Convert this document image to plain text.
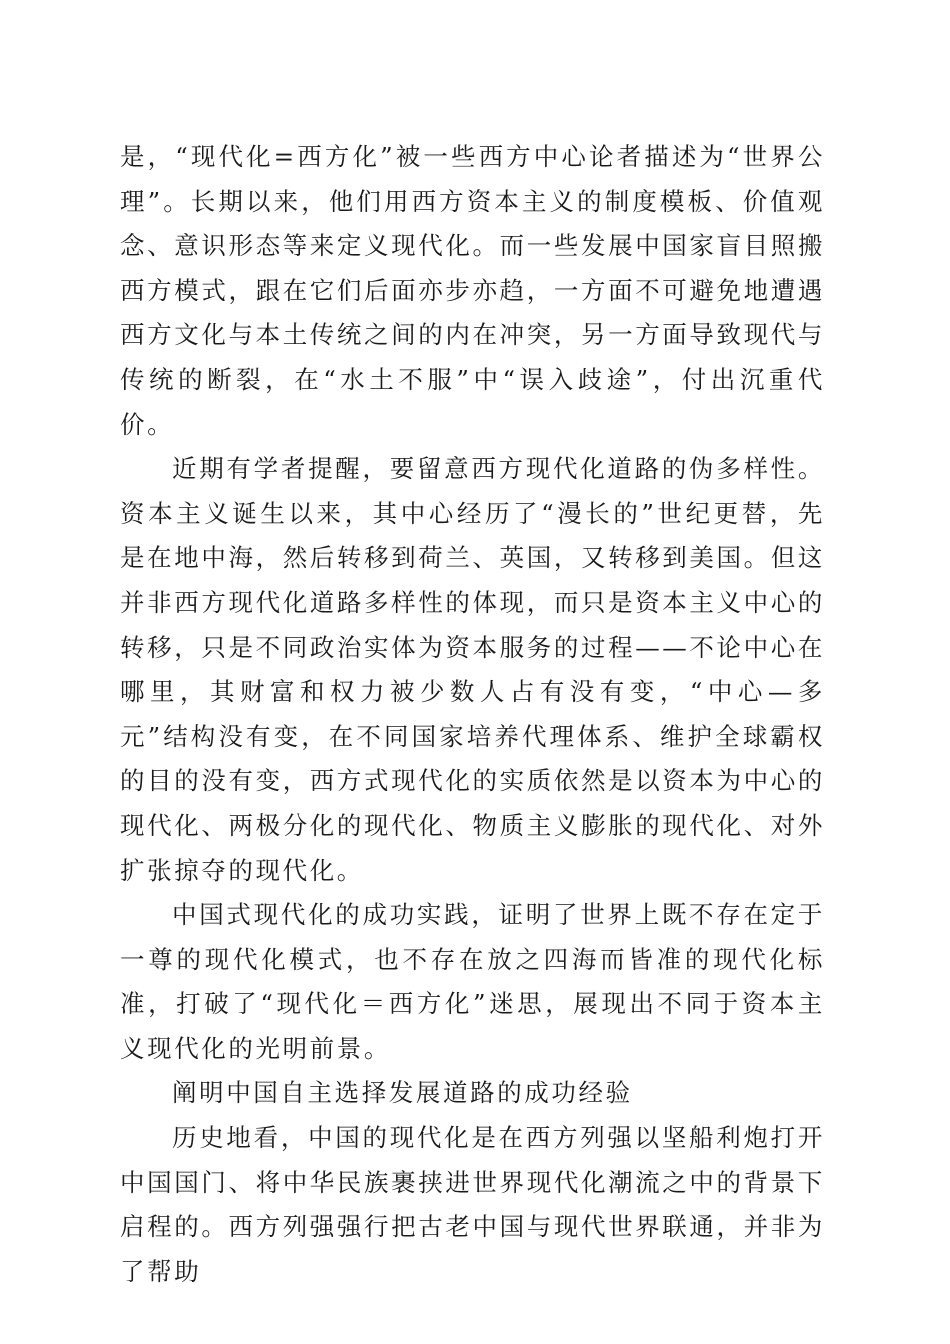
是，“现代化=西方化”被一些西方中心论者描述为“世界公理”。长期以来，他们用西方资本主义的制度模板、价值观念、意识形态等来定义现代化。而一些发展中国家盲目照搬西方模式，跟在它们后面亦步亦趋，一方面不可避免地遭遇西方文化与本土传统之间的内在冲突，另一方面导致现代与传统的断裂，在“水土不服”中“误入歧途”，付出沉重代价。

近期有学者提醒，要留意西方现代化道路的伪多样性。资本主义诞生以来，其中心经历了“漫长的”世纪更替，先是在地中海，然后转移到荷兰、英国，又转移到美国。但这并非西方现代化道路多样性的体现，而只是资本主义中心的转移，只是不同政治实体为资本服务的过程——不论中心在哪里，其财富和权力被少数人占有没有变，“中心—多元”结构没有变，在不同国家培养代理体系、维护全球霸权的目的没有变，西方式现代化的实质依然是以资本为中心的现代化、两极分化的现代化、物质主义膨胀的现代化、对外扩张掠夺的现代化。

中国式现代化的成功实践，证明了世界上既不存在定于一尊的现代化模式，也不存在放之四海而皆准的现代化标准，打破了“现代化＝西方化”迷思，展现出不同于资本主义现代化的光明前景。

阐明中国自主选择发展道路的成功经验

历史地看，中国的现代化是在西方列强以坚船利炮打开中国国门、将中华民族裹挟进世界现代化潮流之中的背景下启程的。西方列强强行把古老中国与现代世界联通，并非为了帮助
